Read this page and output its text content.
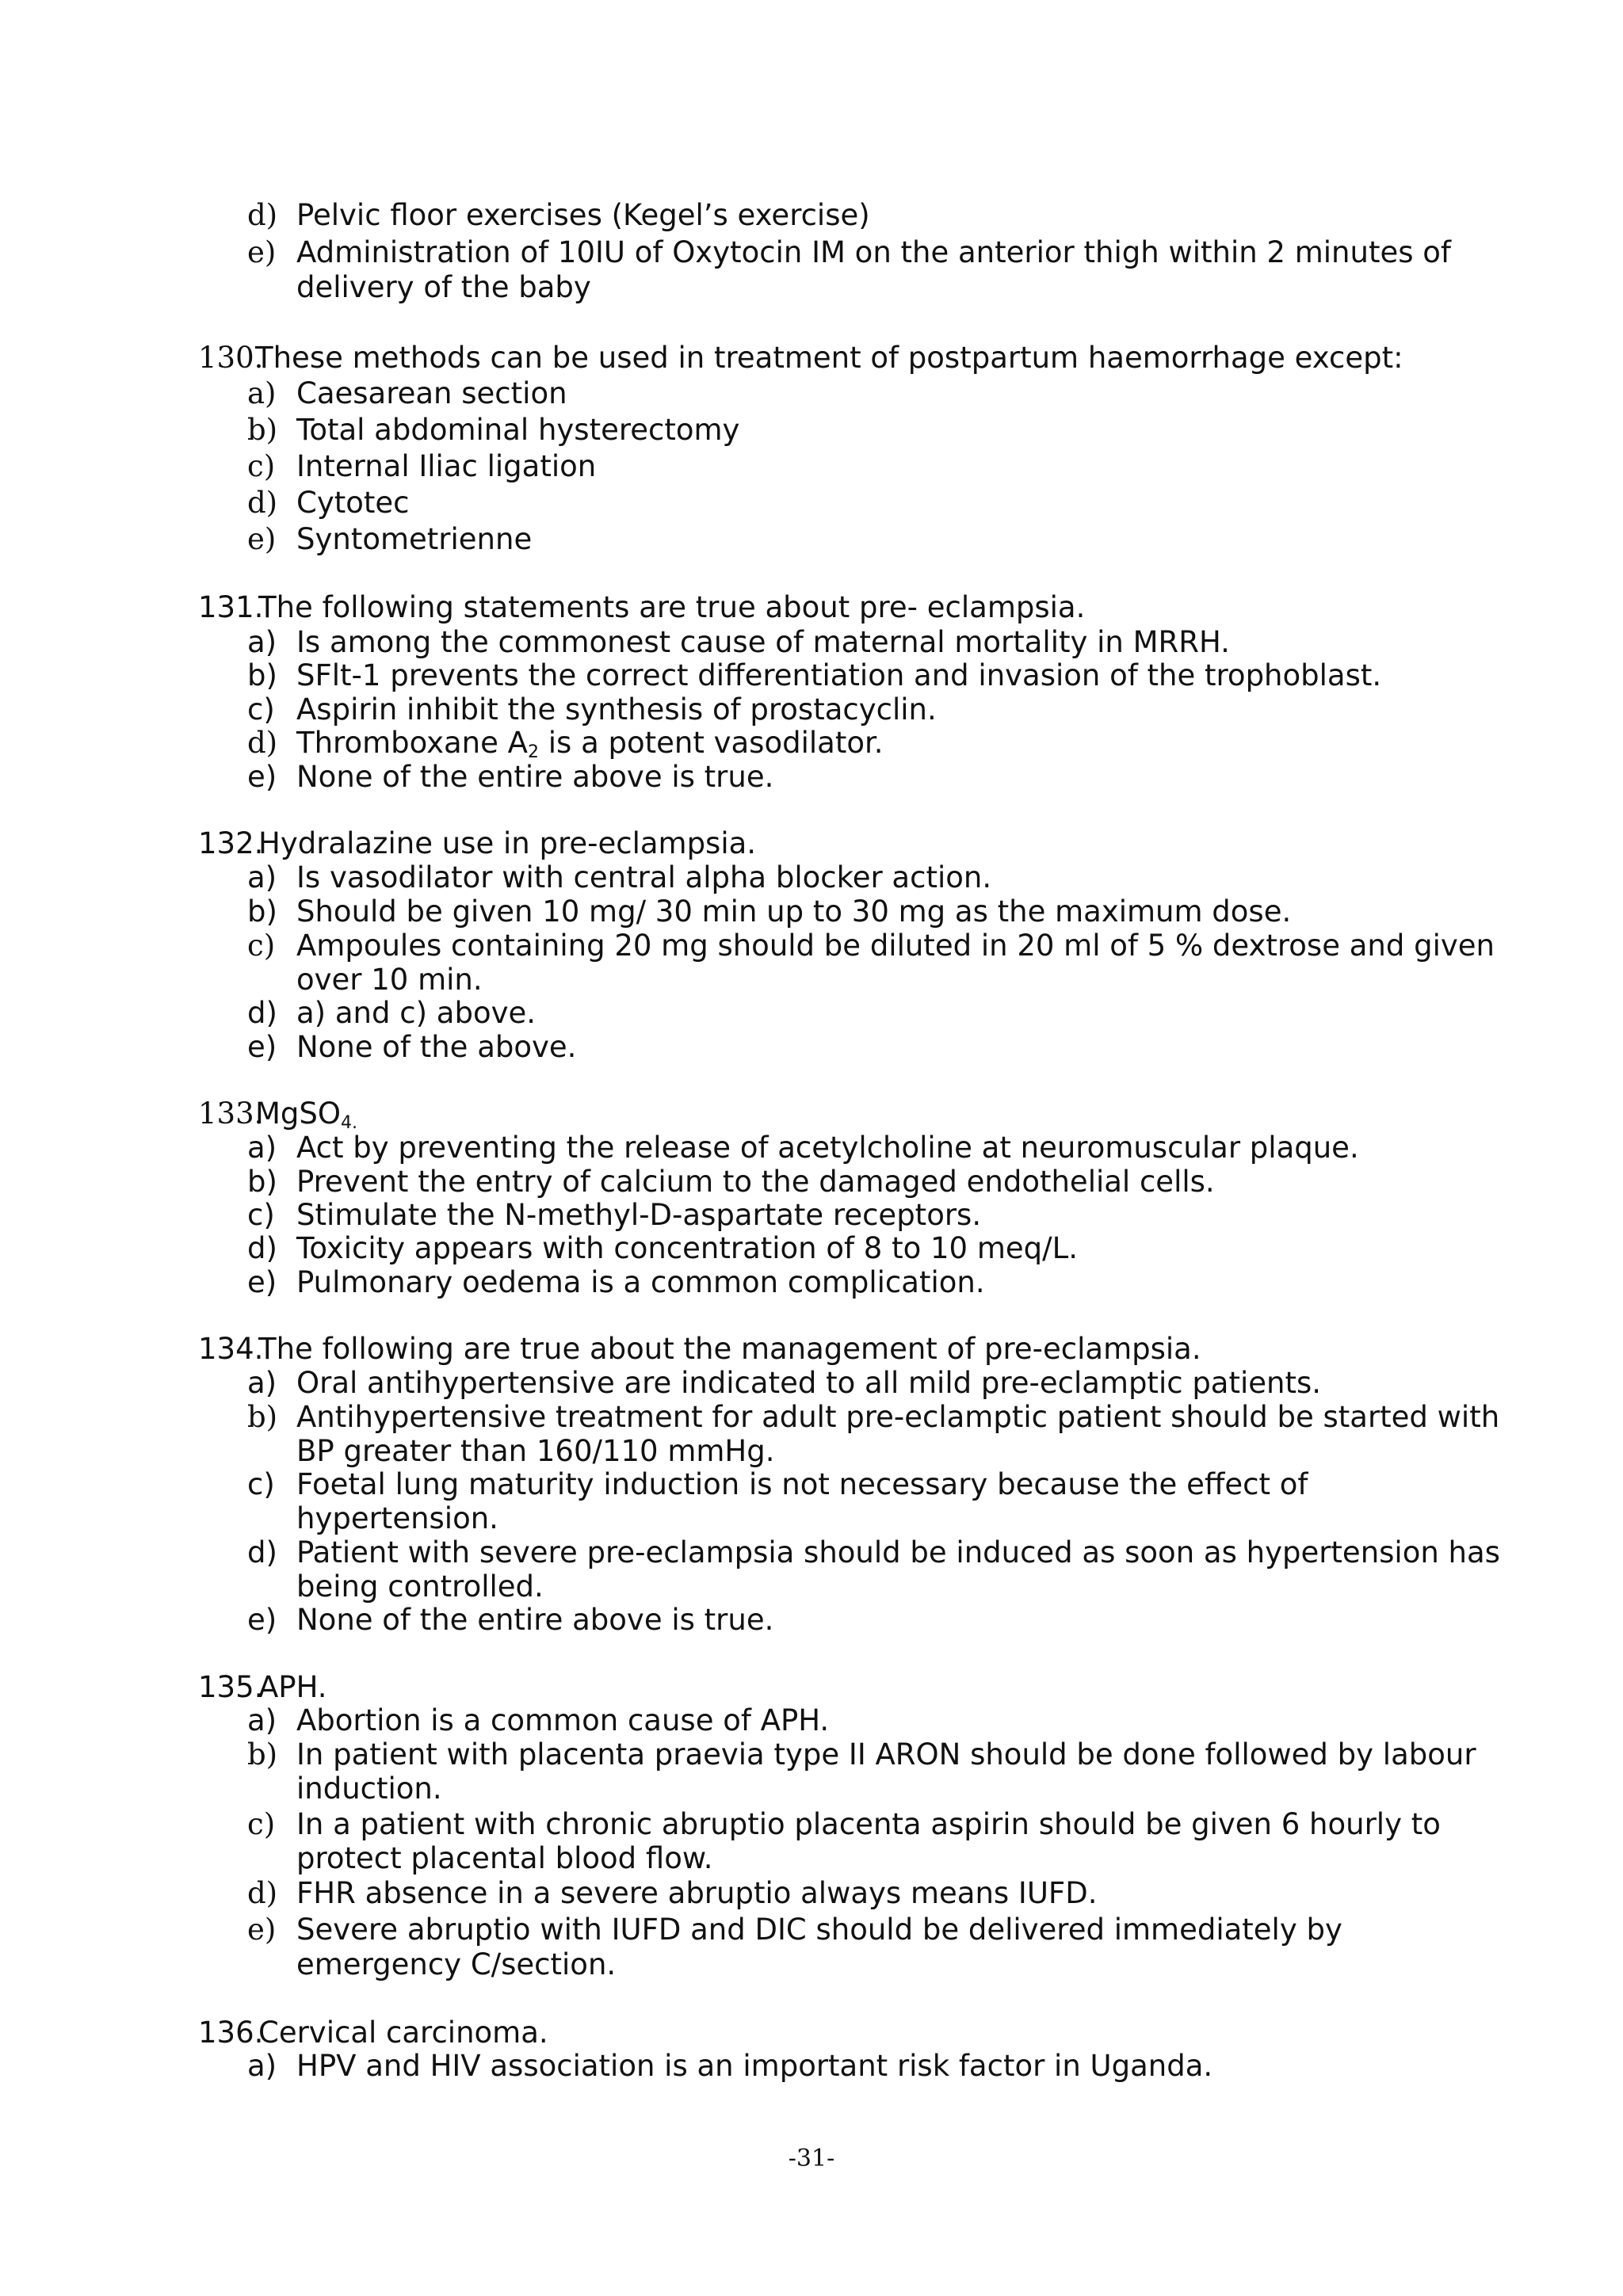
d) Pelvic floor exercises (Kegel’s exercise)
e) Administration of 10IU of Oxytocin IM on the anterior thigh within 2 minutes of
delivery of the baby
130.
These methods can be used in treatment of postpartum haemorrhage except:
a) Caesarean section
b) Total abdominal hysterectomy
c) Internal Iliac ligation
d) Cytotec
e) Syntometrienne
131.
The following statements are true about pre- eclampsia.
a) Is among the commonest cause of maternal mortality in MRRH.
b) SFlt-1 prevents the correct differentiation and invasion of the trophoblast.
c) Aspirin inhibit the synthesis of prostacyclin.
d) Thromboxane $A_2$ is a potent vasodilator.
e) None of the entire above is true.
132.
Hydralazine use in pre-eclampsia.
a) Is vasodilator with central alpha blocker action.
b) Should be given 10 mg/ 30 min up to 30 mg as the maximum dose.
c) Ampoules containing 20 mg should be diluted in 20 ml of 5 % dextrose and given
over 10 min.
d) a) and c) above.
e) None of the above.
133.
MgSO$_{4.}$
a) Act by preventing the release of acetylcholine at neuromuscular plaque.
b) Prevent the entry of calcium to the damaged endothelial cells.
c) Stimulate the N-methyl-D-aspartate receptors.
d) Toxicity appears with concentration of 8 to 10 meq/L.
e) Pulmonary oedema is a common complication.
134.
The following are true about the management of pre-eclampsia.
a) Oral antihypertensive are indicated to all mild pre-eclamptic patients.
b) Antihypertensive treatment for adult pre-eclamptic patient should be started with
BP greater than 160/110 mmHg.
c) Foetal lung maturity induction is not necessary because the effect of
hypertension.
d) Patient with severe pre-eclampsia should be induced as soon as hypertension has
being controlled.
e) None of the entire above is true.
135.
APH.
a) Abortion is a common cause of APH.
b) In patient with placenta praevia type II ARON should be done followed by labour
induction.
c) In a patient with chronic abruptio placenta aspirin should be given 6 hourly to
protect placental blood flow.
d) FHR absence in a severe abruptio always means IUFD.
e) Severe abruptio with IUFD and DIC should be delivered immediately by
emergency C/section.
136.
Cervical carcinoma.
a) HPV and HIV association is an important risk factor in Uganda.
-31-
